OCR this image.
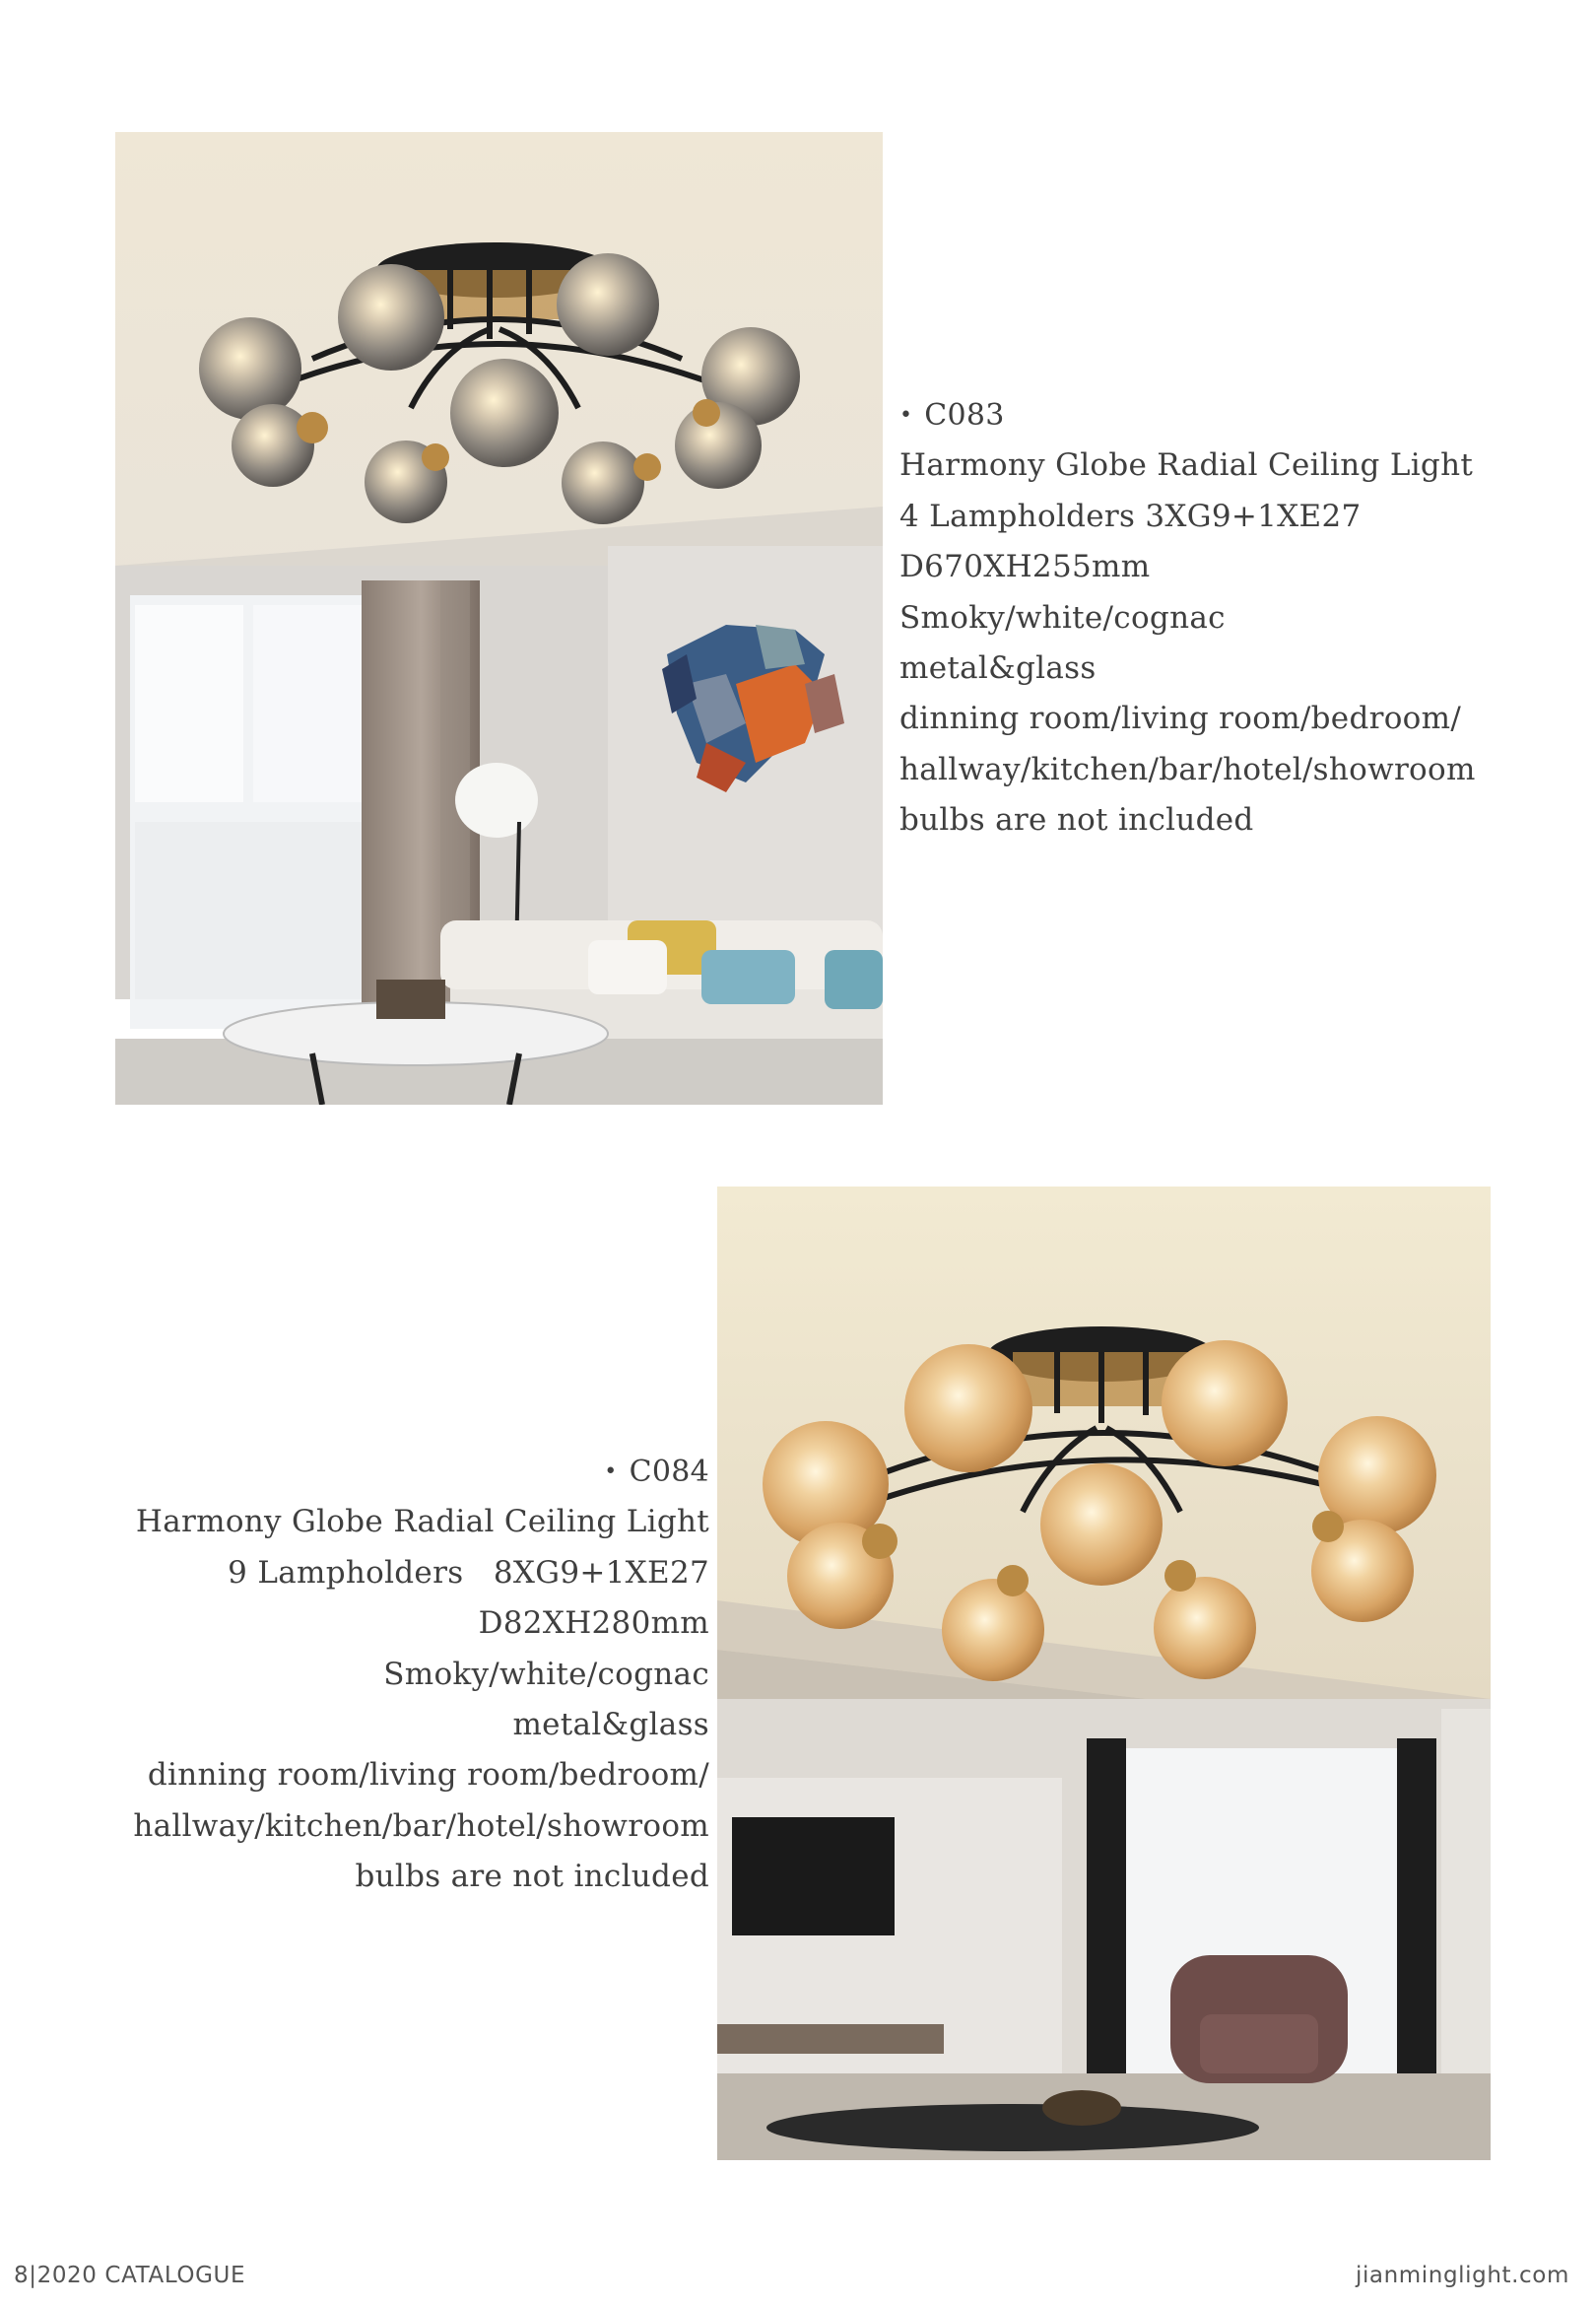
• C083
Harmony Globe Radial Ceiling Light
4 Lampholders 3XG9+1XE27
D670XH255mm
Smoky/white/cognac
metal&glass
dinning room/living room/bedroom/
hallway/kitchen/bar/hotel/showroom
bulbs are not included
• C084
Harmony Globe Radial Ceiling Light
9 Lampholders   8XG9+1XE27
D82XH280mm
Smoky/white/cognac
metal&glass
dinning room/living room/bedroom/
hallway/kitchen/bar/hotel/showroom
bulbs are not included
8|2020 CATALOGUE	jianminglight.com
